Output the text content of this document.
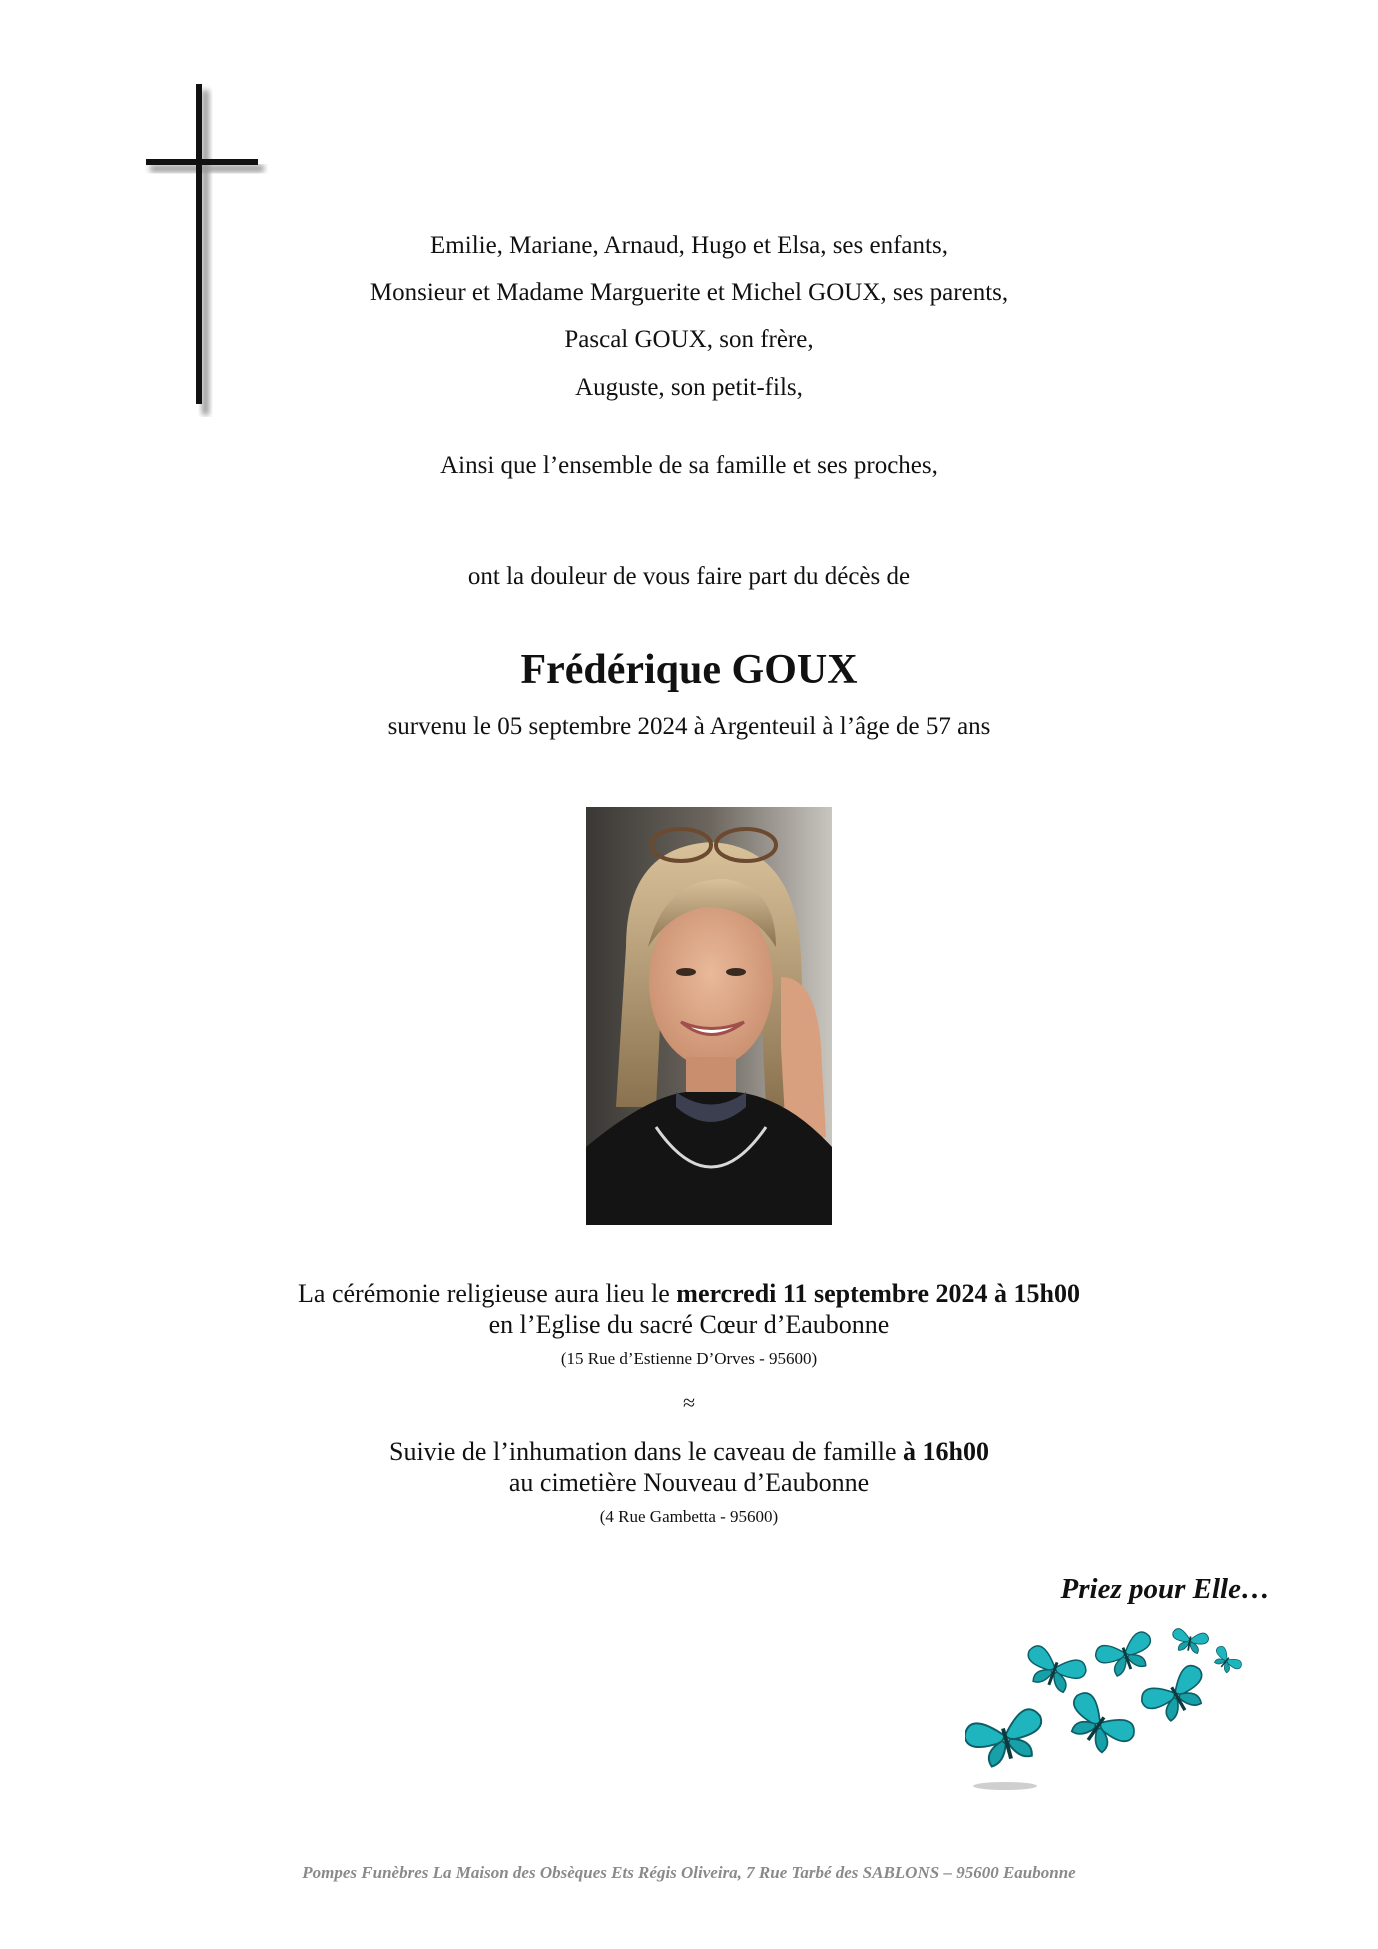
Emilie, Mariane, Arnaud, Hugo et Elsa, ses enfants,
Monsieur et Madame Marguerite et Michel GOUX, ses parents,
Pascal GOUX, son frère,
Auguste, son petit-fils,
Ainsi que l’ensemble de sa famille et ses proches,
ont la douleur de vous faire part du décès de
Frédérique GOUX
survenu le 05 septembre 2024 à Argenteuil à l’âge de 57 ans
La cérémonie religieuse aura lieu le mercredi 11 septembre 2024 à 15h00
en l’Eglise du sacré Cœur d’Eaubonne
(15 Rue d’Estienne D’Orves - 95600)
≈
Suivie de l’inhumation dans le caveau de famille à 16h00
au cimetière Nouveau d’Eaubonne
(4 Rue Gambetta - 95600)
Priez pour Elle…
Pompes Funèbres La Maison des Obsèques Ets Régis Oliveira, 7 Rue Tarbé des SABLONS – 95600 Eaubonne
